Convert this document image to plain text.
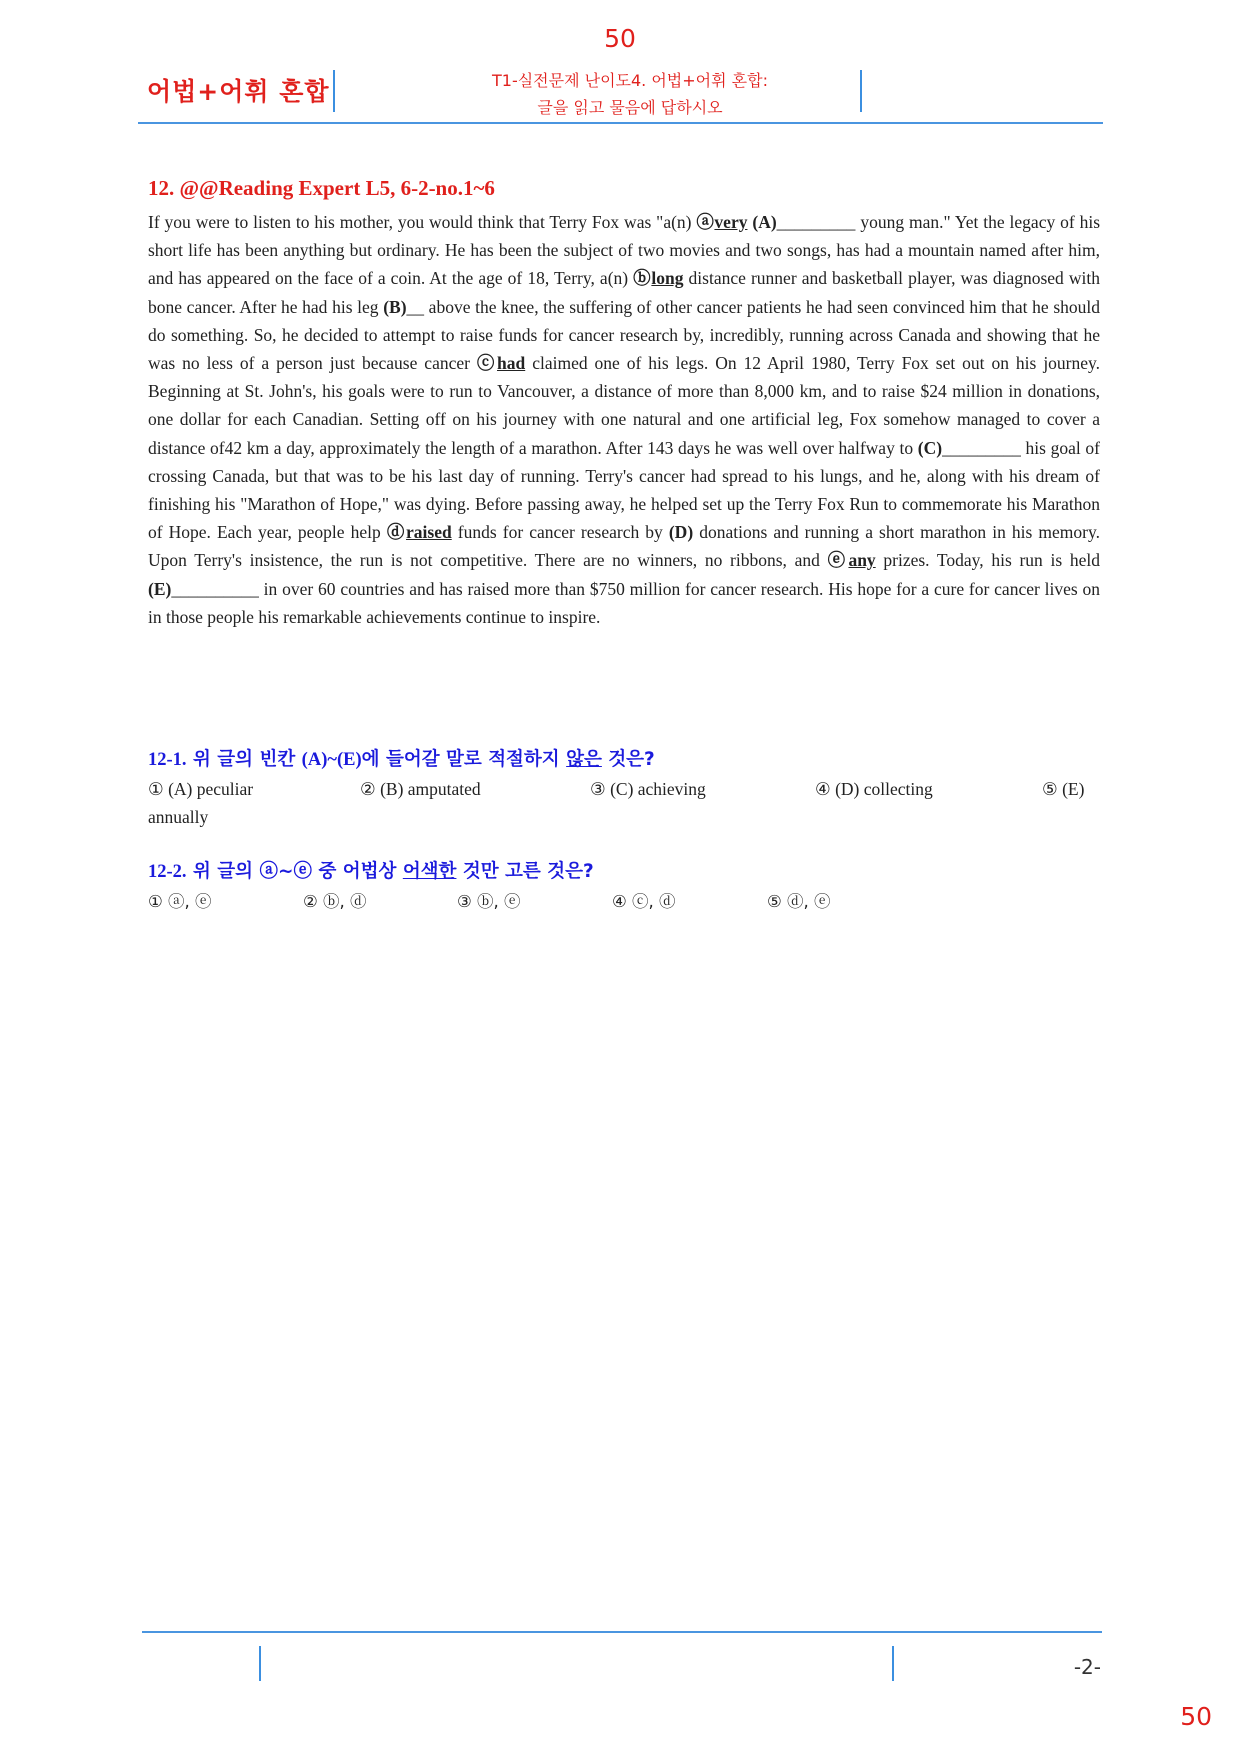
50
어법+어휘 혼합	T1-실전문제 난이도4. 어법+어휘 혼합:
글을 읽고 물음에 답하시오
12. @@Reading Expert L5, 6-2-no.1~6
If you were to listen to his mother, you would think that Terry Fox was "a(n) ⓐvery (A)_________ young man." Yet the legacy of his short life has been anything but ordinary. He has been the subject of two movies and two songs, has had a mountain named after him, and has appeared on the face of a coin. At the age of 18, Terry, a(n) ⓑlong distance runner and basketball player, was diagnosed with bone cancer. After he had his leg (B)__ above the knee, the suffering of other cancer patients he had seen convinced him that he should do something. So, he decided to attempt to raise funds for cancer research by, incredibly, running across Canada and showing that he was no less of a person just because cancer ⓒhad claimed one of his legs. On 12 April 1980, Terry Fox set out on his journey. Beginning at St. John's, his goals were to run to Vancouver, a distance of more than 8,000 km, and to raise $24 million in donations, one dollar for each Canadian. Setting off on his journey with one natural and one artificial leg, Fox somehow managed to cover a distance of42 km a day, approximately the length of a marathon. After 143 days he was well over halfway to (C)_________ his goal of crossing Canada, but that was to be his last day of running. Terry's cancer had spread to his lungs, and he, along with his dream of finishing his "Marathon of Hope," was dying. Before passing away, he helped set up the Terry Fox Run to commemorate his Marathon of Hope. Each year, people help ⓓraised funds for cancer research by (D) donations and running a short marathon in his memory. Upon Terry's insistence, the run is not competitive. There are no winners, no ribbons, and ⓔany prizes. Today, his run is held (E)__________ in over 60 countries and has raised more than $750 million for cancer research. His hope for a cure for cancer lives on in those people his remarkable achievements continue to inspire.
12-1. 위 글의 빈칸 (A)~(E)에 들어갈 말로 적절하지 않은 것은?
① (A) peculiar	② (B) amputated	③ (C) achieving	④ (D) collecting	⑤ (E)
annually
12-2. 위 글의 ⓐ~ⓔ 중 어법상 어색한 것만 고른 것은?
① ⓐ, ⓔ	② ⓑ, ⓓ	③ ⓑ, ⓔ	④ ⓒ, ⓓ	⑤ ⓓ, ⓔ
-2-
50
